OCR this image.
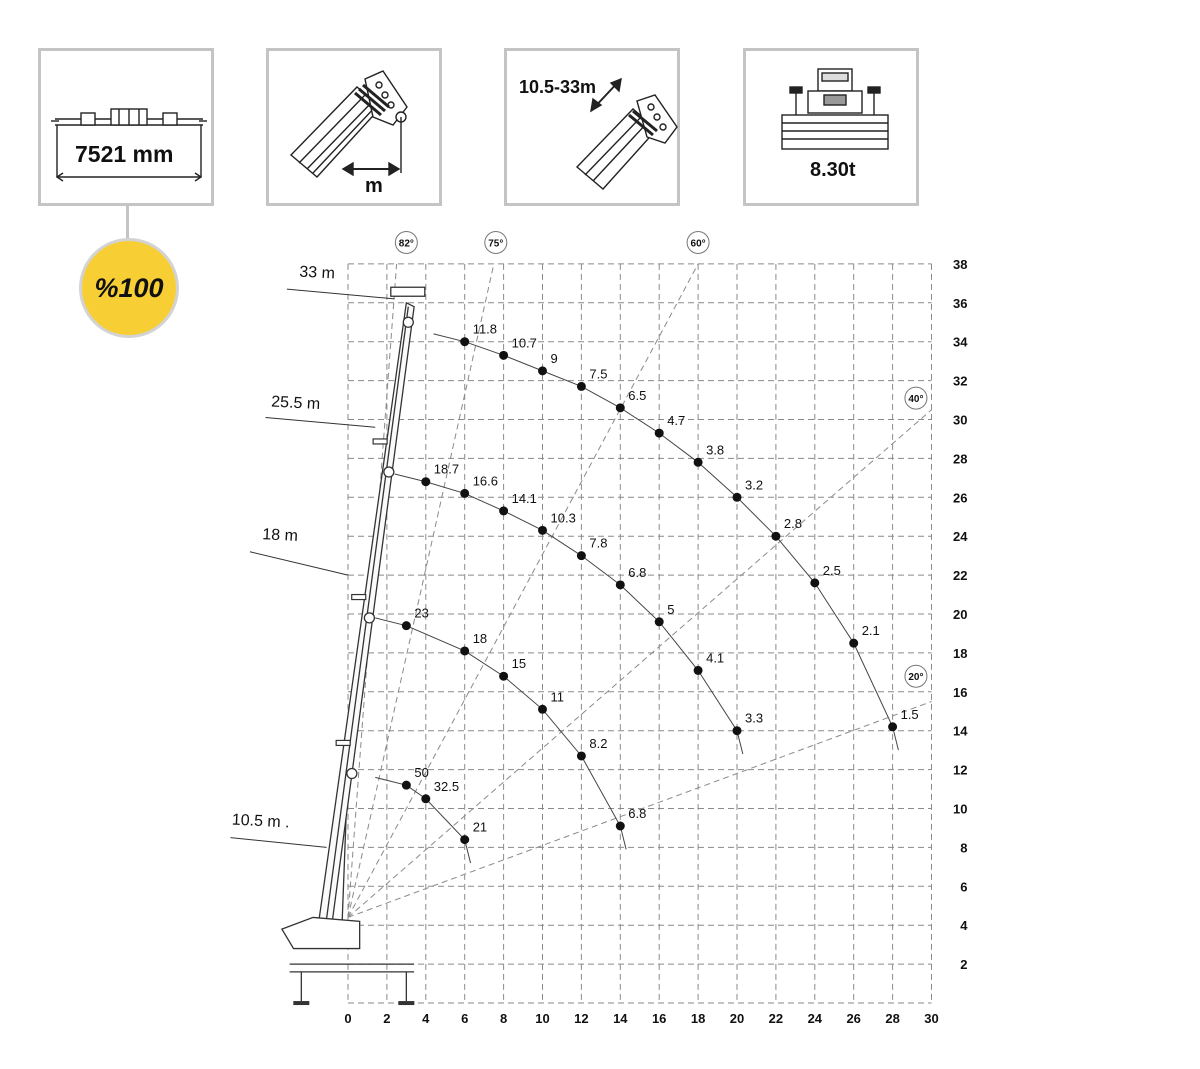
7521 mm
m
10.5-33m
8.30t
%100
0 2 4 6 8 10 12 14 16 18 20 22 24 26 28 30
2
4
6
8
10
12
14
16
18
20
22
24
26
28
30
32
34
36
38
82°	75°	60°
40°
20°
33 m
25.5 m
18 m
10.5 m .
11.8
10.7
9
7.5
6.5
4.7
3.8
3.2
2.8
2.5
2.1
1.5
18.7
16.6
14.1
10.3
7.8
6.8
5
4.1
3.3
23
18
15
11
8.2
6.8
50
32.5
21
